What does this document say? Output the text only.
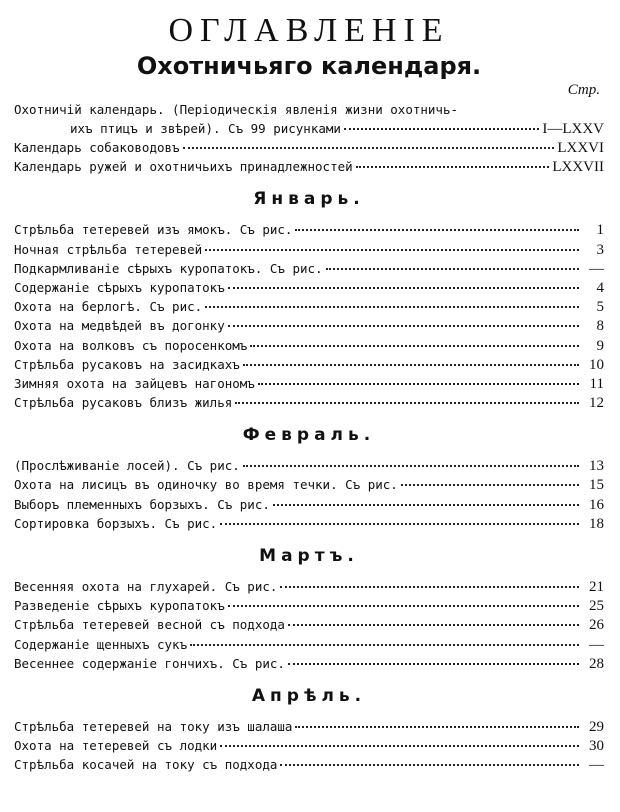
ОГЛАВЛЕНІЕ
Охотничьяго календаря.
Стр.
Охотничій календарь. (Періодическія явленія жизни охотничь-
ихъ птицъ и звѣрей). Съ 99 рисунками	I—LXXV
Календарь собаководовъ	LXXVI
Календарь ружей и охотничьихъ принадлежностей	LXXVII
Январь.
Стрѣльба тетеревей изъ ямокъ. Съ рис.	1
Ночная стрѣльба тетеревей	3
Подкармливаніе сѣрыхъ куропатокъ. Съ рис.	—
Содержаніе сѣрыхъ куропатокъ	4
Охота на берлогѣ. Съ рис.	5
Охота на медвѣдей въ догонку	8
Охота на волковъ съ поросенкомъ	9
Стрѣльба русаковъ на засидкахъ	10
Зимняя охота на зайцевъ нагономъ	11
Стрѣльба русаковъ близъ жилья	12
Февраль.
(Прослѣживаніе лосей). Съ рис.	13
Охота на лисицъ въ одиночку во время течки. Съ рис.	15
Выборъ племенныхъ борзыхъ. Съ рис.	16
Сортировка борзыхъ. Съ рис.	18
Мартъ.
Весенняя охота на глухарей. Съ рис.	21
Разведеніе сѣрыхъ куропатокъ	25
Стрѣльба тетеревей весной съ подхода	26
Содержаніе щенныхъ сукъ	—
Весеннее содержаніе гончихъ. Съ рис.	28
Апрѣль.
Стрѣльба тетеревей на току изъ шалаша	29
Охота на тетеревей съ лодки	30
Стрѣльба косачей на току съ подхода	—
